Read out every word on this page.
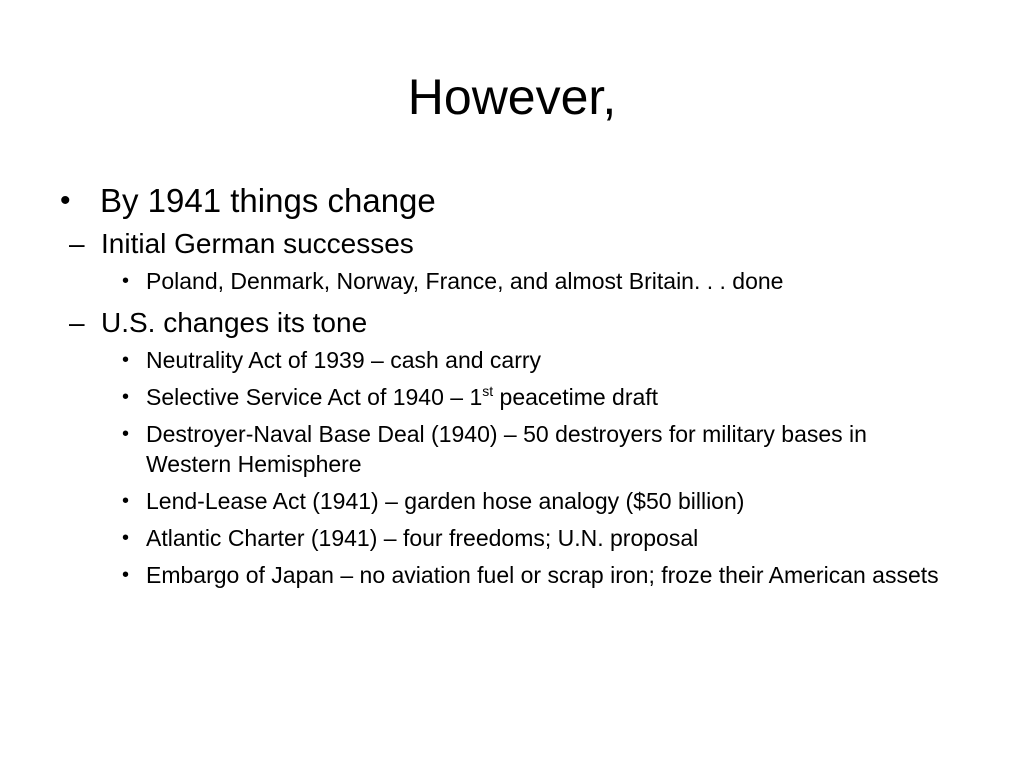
However,
• By 1941 things change
– Initial German successes
• Poland, Denmark, Norway, France, and almost Britain. . . done
– U.S. changes its tone
• Neutrality Act of 1939 – cash and carry
• Selective Service Act of 1940 – 1st peacetime draft
• Destroyer-Naval Base Deal (1940) – 50 destroyers for military bases in Western Hemisphere
• Lend-Lease Act (1941) – garden hose analogy ($50 billion)
• Atlantic Charter (1941) – four freedoms; U.N. proposal
• Embargo of Japan – no aviation fuel or scrap iron; froze their American assets
